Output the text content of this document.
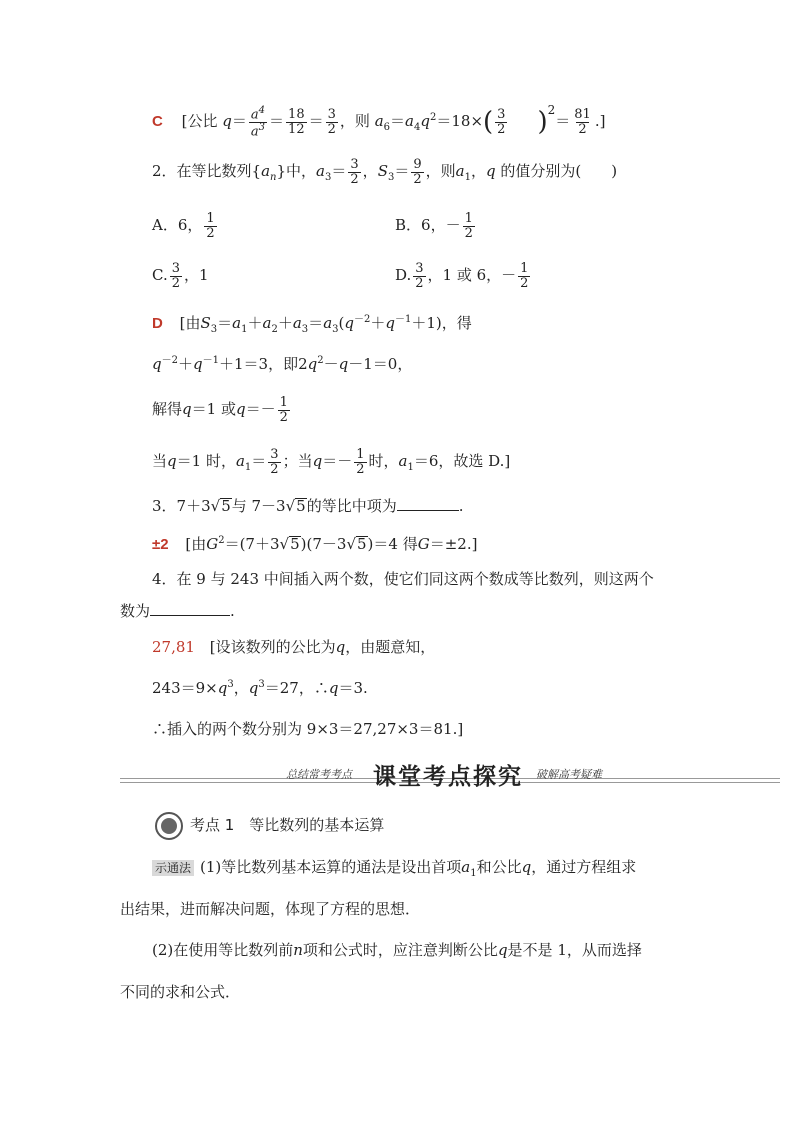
C [公比 $q= \frac{a^4}{a^3} = \frac{18}{12} = \frac{3}{2}$ ，则 $a_6=a_4q^2=18\times( \frac{3}{2} )^2= \frac{81}{2}$ .]
2．在等比数列$\{a_n\}$中，$a_3= \frac{3}{2}$ ，$S_3= \frac{9}{2}$ ，则$a_1$，q 的值分别为(　　)
A．6， $\frac{1}{2}$	B．6，－ $\frac{1}{2}$
C. $\frac{3}{2}$ ，1	D. $\frac{3}{2}$ ，1 或 6，－ $\frac{1}{2}$
D [由$S_3=a_1+a_2+a_3=a_3(q^{-2}+q^{-1}+1)$，得
$q^{-2}+q^{-1}+1=3$，即$2q^2-q-1=0$，
解得q＝1 或$q=- \frac{1}{2}$
当q＝1 时，$a_1= \frac{3}{2}$ ；当$q=- \frac{1}{2}$ 时，$a_1=6$，故选 D.]
3．7＋3√5与 7－3√5的等比中项为	.
±2 [由$G^2=(7+3√5)(7-3√5)=4$ 得G＝±2.]
4．在 9 与 243 中间插入两个数，使它们同这两个数成等比数列，则这两个
数为	.
27,81 [设该数列的公比为q，由题意知，
$243=9\times q^3$，$q^3=27$，∴q＝3.
∴插入的两个数分别为 9×3＝27,27×3＝81.]
总结常考考点 课堂考点探究 破解高考疑难
考点 1　等比数列的基本运算
示通法 (1)等比数列基本运算的通法是设出首项$a_1$和公比q，通过方程组求
出结果，进而解决问题，体现了方程的思想．
(2)在使用等比数列前n项和公式时，应注意判断公比q是不是 1，从而选择
不同的求和公式．
